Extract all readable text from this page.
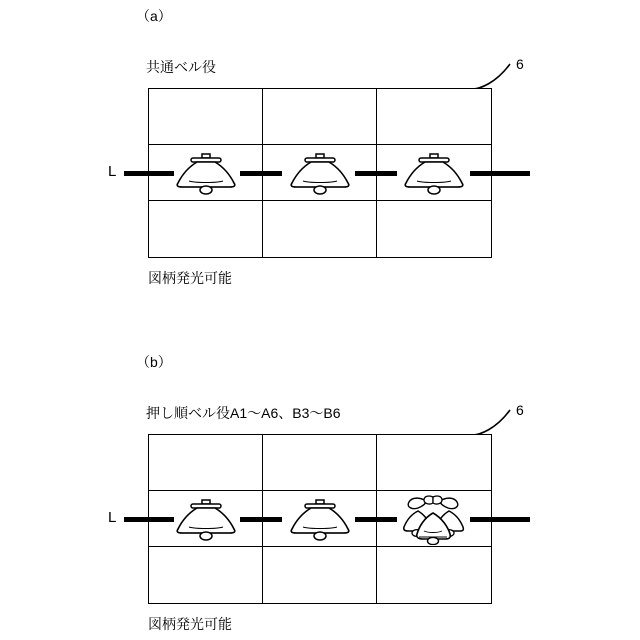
（a）
共通ベル役	6
L
図柄発光可能
（b）
押し順ベル役A1〜A6、B3〜B6	6
L
図柄発光可能
